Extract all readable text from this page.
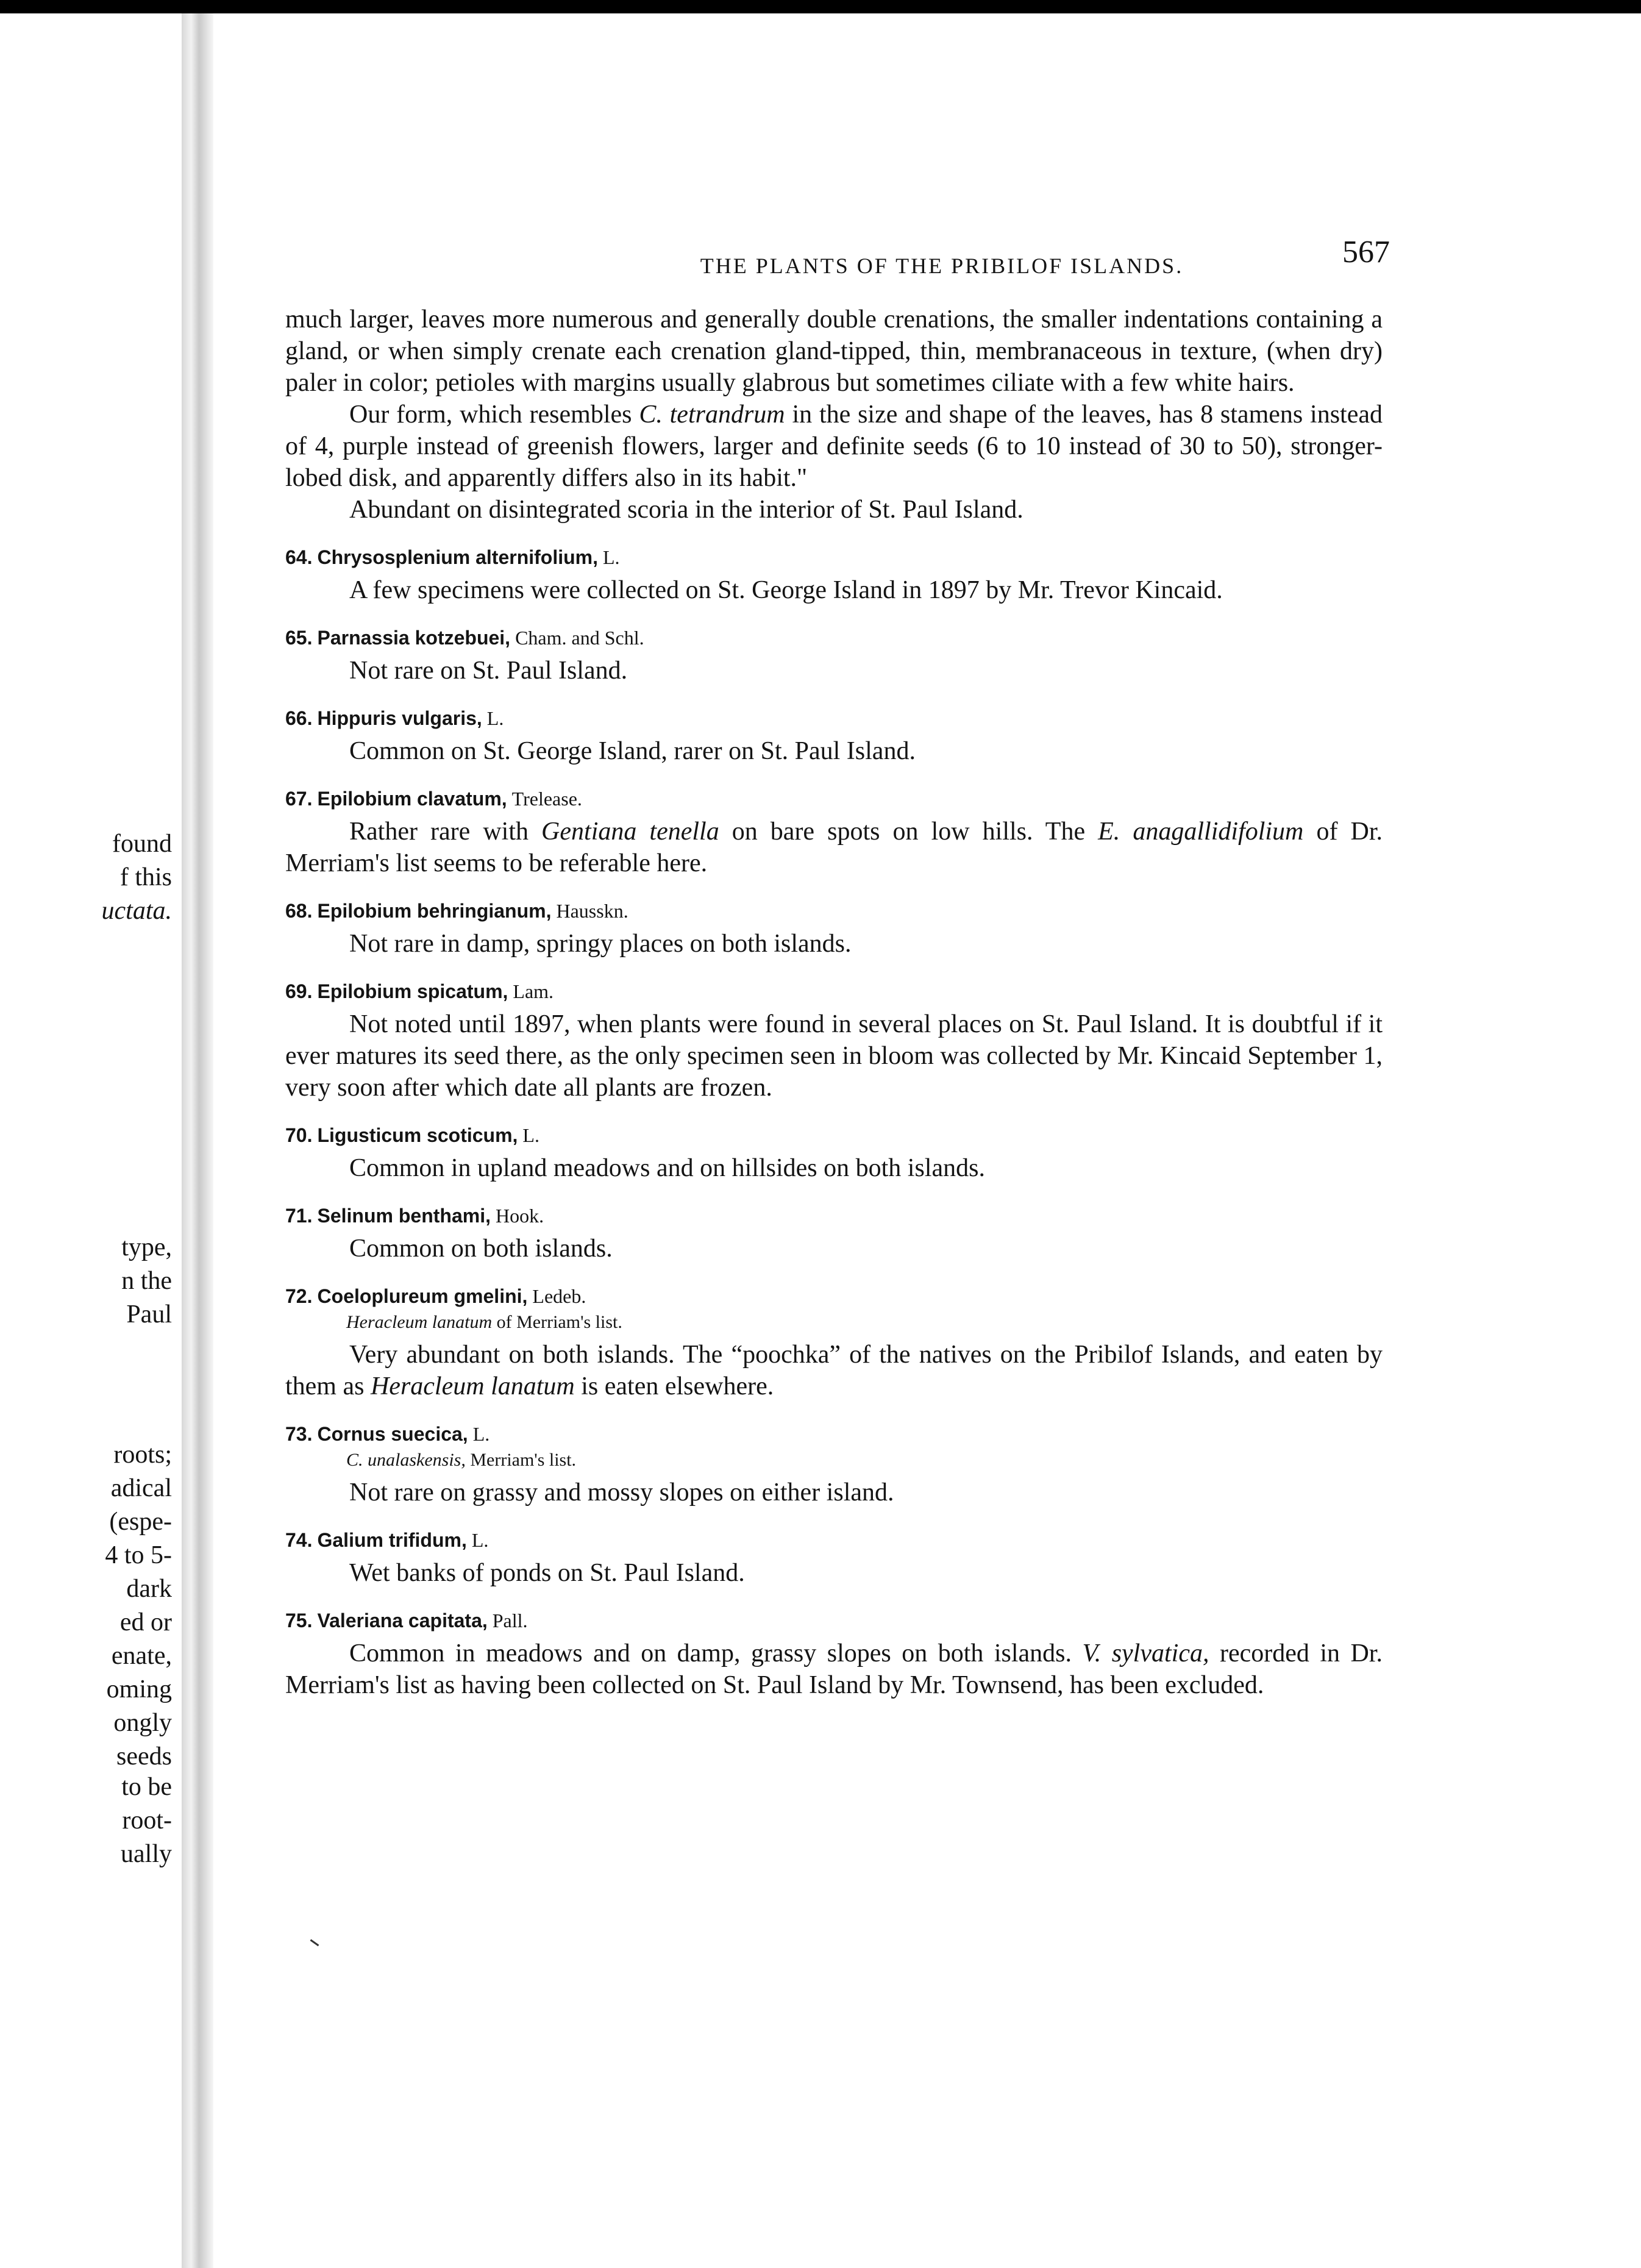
found
f this
uctata.
type,
n the
Paul
roots;
adical
(espe-
4 to 5-
dark
ed or
enate,
oming
ongly
seeds
to be
root-
ually
THE PLANTS OF THE PRIBILOF ISLANDS.	567

much larger, leaves more numerous and generally double crenations, the smaller indentations containing a gland, or when simply crenate each crenation gland-tipped, thin, membranaceous in texture, (when dry) paler in color; petioles with margins usually glabrous but sometimes ciliate with a few white hairs.

Our form, which resembles C. tetrandrum in the size and shape of the leaves, has 8 stamens instead of 4, purple instead of greenish flowers, larger and definite seeds (6 to 10 instead of 30 to 50), stronger-lobed disk, and apparently differs also in its habit."

Abundant on disintegrated scoria in the interior of St. Paul Island.

64. Chrysosplenium alternifolium, L.

A few specimens were collected on St. George Island in 1897 by Mr. Trevor Kincaid.

65. Parnassia kotzebuei, Cham. and Schl.

Not rare on St. Paul Island.

66. Hippuris vulgaris, L.

Common on St. George Island, rarer on St. Paul Island.

67. Epilobium clavatum, Trelease.

Rather rare with Gentiana tenella on bare spots on low hills. The E. anagallidifolium of Dr. Merriam's list seems to be referable here.

68. Epilobium behringianum, Hausskn.

Not rare in damp, springy places on both islands.

69. Epilobium spicatum, Lam.

Not noted until 1897, when plants were found in several places on St. Paul Island. It is doubtful if it ever matures its seed there, as the only specimen seen in bloom was collected by Mr. Kincaid September 1, very soon after which date all plants are frozen.

70. Ligusticum scoticum, L.

Common in upland meadows and on hillsides on both islands.

71. Selinum benthami, Hook.

Common on both islands.

72. Coeloplureum gmelini, Ledeb.

Heracleum lanatum of Merriam's list.

Very abundant on both islands. The “poochka” of the natives on the Pribilof Islands, and eaten by them as Heracleum lanatum is eaten elsewhere.

73. Cornus suecica, L.

C. unalaskensis, Merriam's list.

Not rare on grassy and mossy slopes on either island.

74. Galium trifidum, L.

Wet banks of ponds on St. Paul Island.

75. Valeriana capitata, Pall.

Common in meadows and on damp, grassy slopes on both islands. V. sylvatica, recorded in Dr. Merriam's list as having been collected on St. Paul Island by Mr. Townsend, has been excluded.
